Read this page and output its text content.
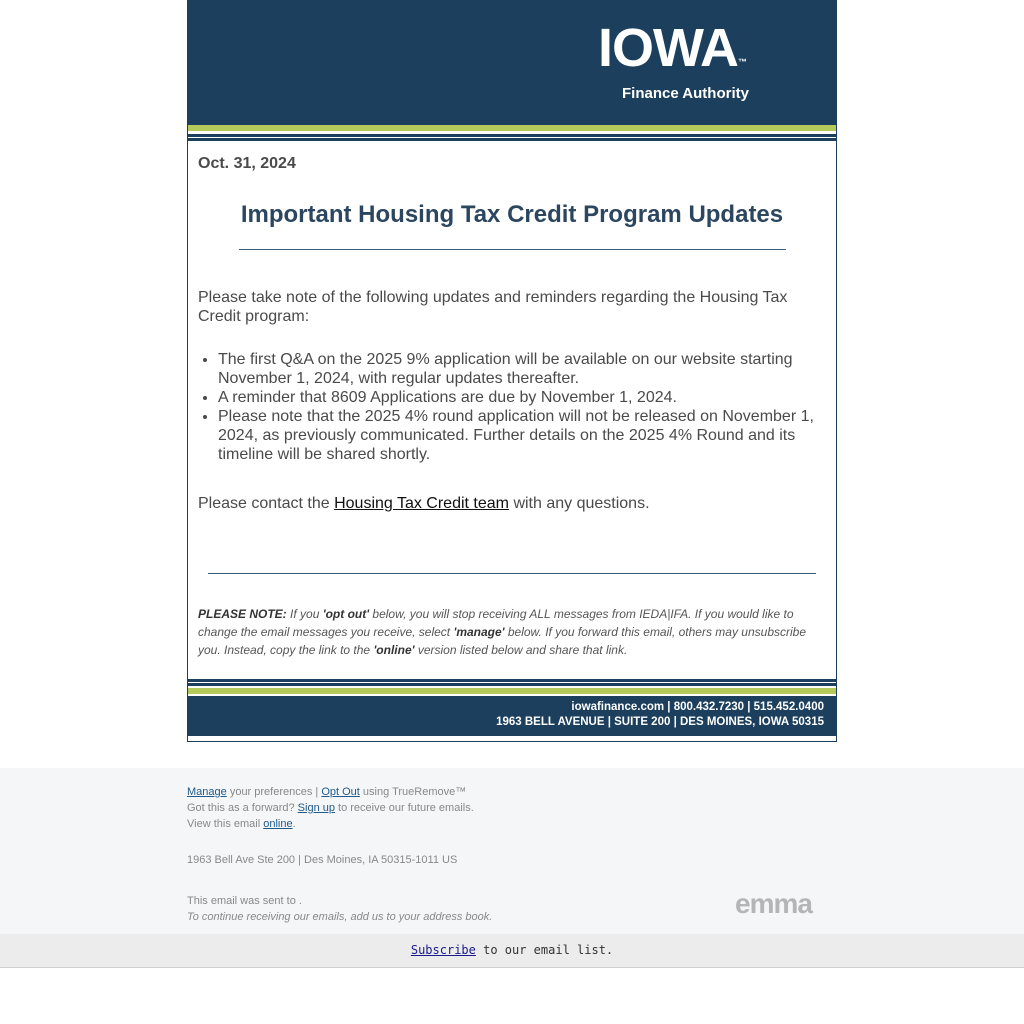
IOWA™
Finance Authority
Oct. 31, 2024
Important Housing Tax Credit Program Updates

Please take note of the following updates and reminders regarding the Housing Tax Credit program:

• The first Q&A on the 2025 9% application will be available on our website starting November 1, 2024, with regular updates thereafter.
• A reminder that 8609 Applications are due by November 1, 2024.
• Please note that the 2025 4% round application will not be released on November 1, 2024, as previously communicated. Further details on the 2025 4% Round and its timeline will be shared shortly.

Please contact the Housing Tax Credit team with any questions.

PLEASE NOTE: If you 'opt out' below, you will stop receiving ALL messages from IEDA|IFA. If you would like to change the email messages you receive, select 'manage' below. If you forward this email, others may unsubscribe you. Instead, copy the link to the 'online' version listed below and share that link.

iowafinance.com | 800.432.7230 | 515.452.0400
1963 BELL AVENUE | SUITE 200 | DES MOINES, IOWA 50315
Manage your preferences | Opt Out using TrueRemove™
Got this as a forward? Sign up to receive our future emails.
View this email online.
1963 Bell Ave Ste 200 | Des Moines, IA 50315-1011 US
This email was sent to .
To continue receiving our emails, add us to your address book.	emma
Subscribe to our email list.
